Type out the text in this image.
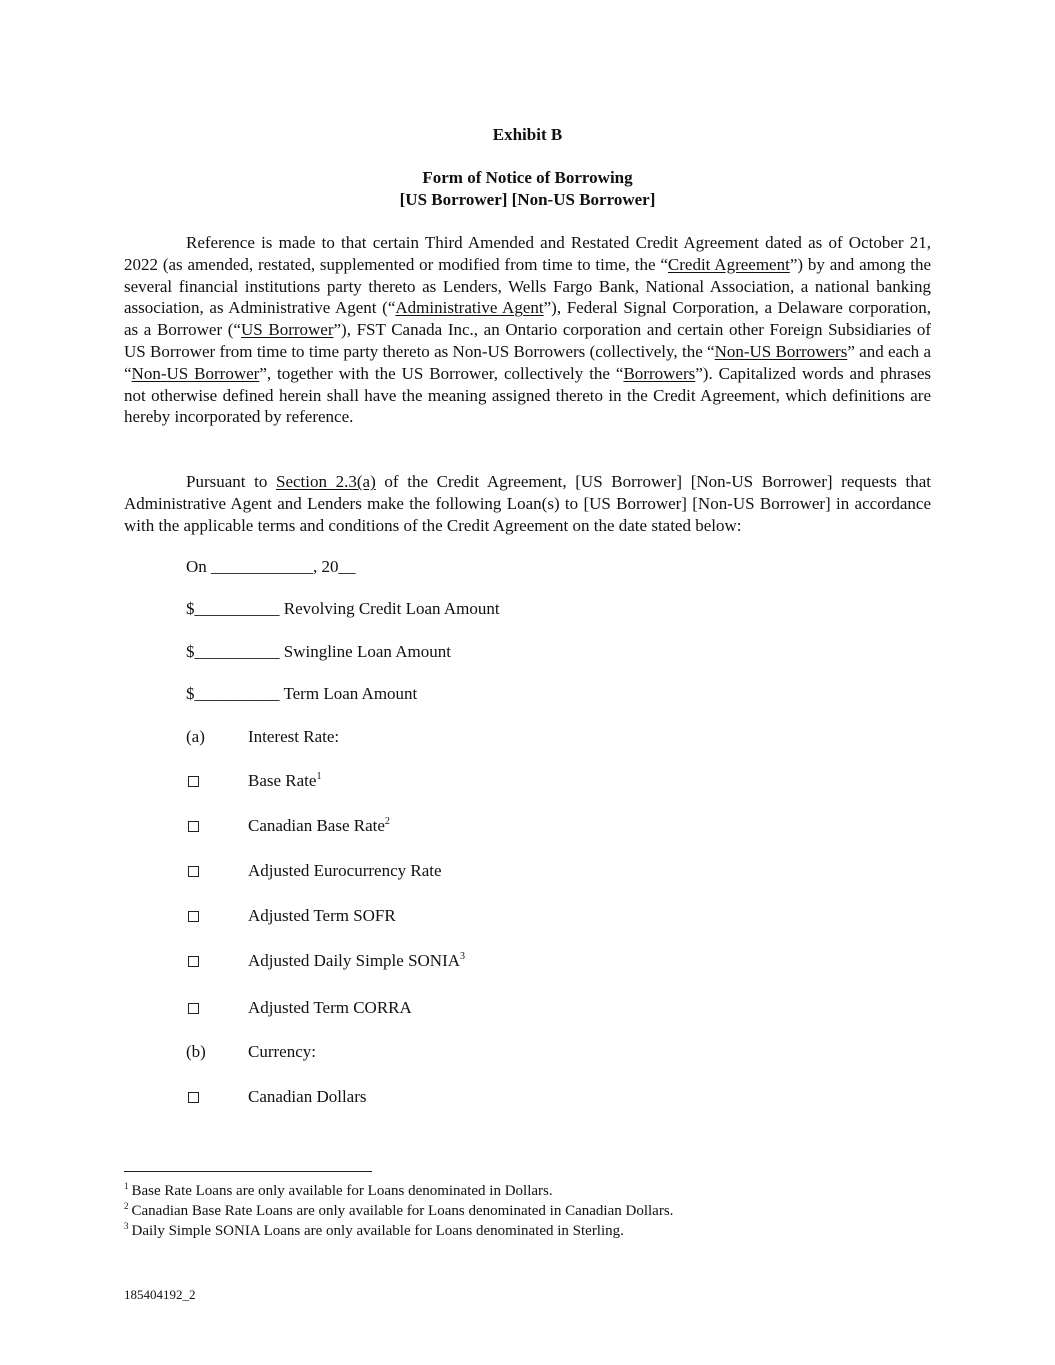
Exhibit B
Form of Notice of Borrowing
[US Borrower] [Non-US Borrower]

Reference is made to that certain Third Amended and Restated Credit Agreement dated as of October 21, 2022 (as amended, restated, supplemented or modified from time to time, the “Credit Agreement”) by and among the several financial institutions party thereto as Lenders, Wells Fargo Bank, National Association, a national banking association, as Administrative Agent (“Administrative Agent”), Federal Signal Corporation, a Delaware corporation, as a Borrower (“US Borrower”), FST Canada Inc., an Ontario corporation and certain other Foreign Subsidiaries of US Borrower from time to time party thereto as Non-US Borrowers (collectively, the “Non-US Borrowers” and each a “Non-US Borrower”, together with the US Borrower, collectively the “Borrowers”). Capitalized words and phrases not otherwise defined herein shall have the meaning assigned thereto in the Credit Agreement, which definitions are hereby incorporated by reference.

Pursuant to Section 2.3(a) of the Credit Agreement, [US Borrower] [Non-US Borrower] requests that Administrative Agent and Lenders make the following Loan(s) to [US Borrower] [Non-US Borrower] in accordance with the applicable terms and conditions of the Credit Agreement on the date stated below:

On ____________, 20__
$__________ Revolving Credit Loan Amount
$__________ Swingline Loan Amount
$__________ Term Loan Amount
(a)	Interest Rate:
Base Rate$^1$
Canadian Base Rate$^2$
Adjusted Eurocurrency Rate
Adjusted Term SOFR
Adjusted Daily Simple SONIA$^3$
Adjusted Term CORRA
(b) Currency:
Canadian Dollars
$^1$ Base Rate Loans are only available for Loans denominated in Dollars.
$^2$ Canadian Base Rate Loans are only available for Loans denominated in Canadian Dollars.
$^3$ Daily Simple SONIA Loans are only available for Loans denominated in Sterling.
185404192_2
